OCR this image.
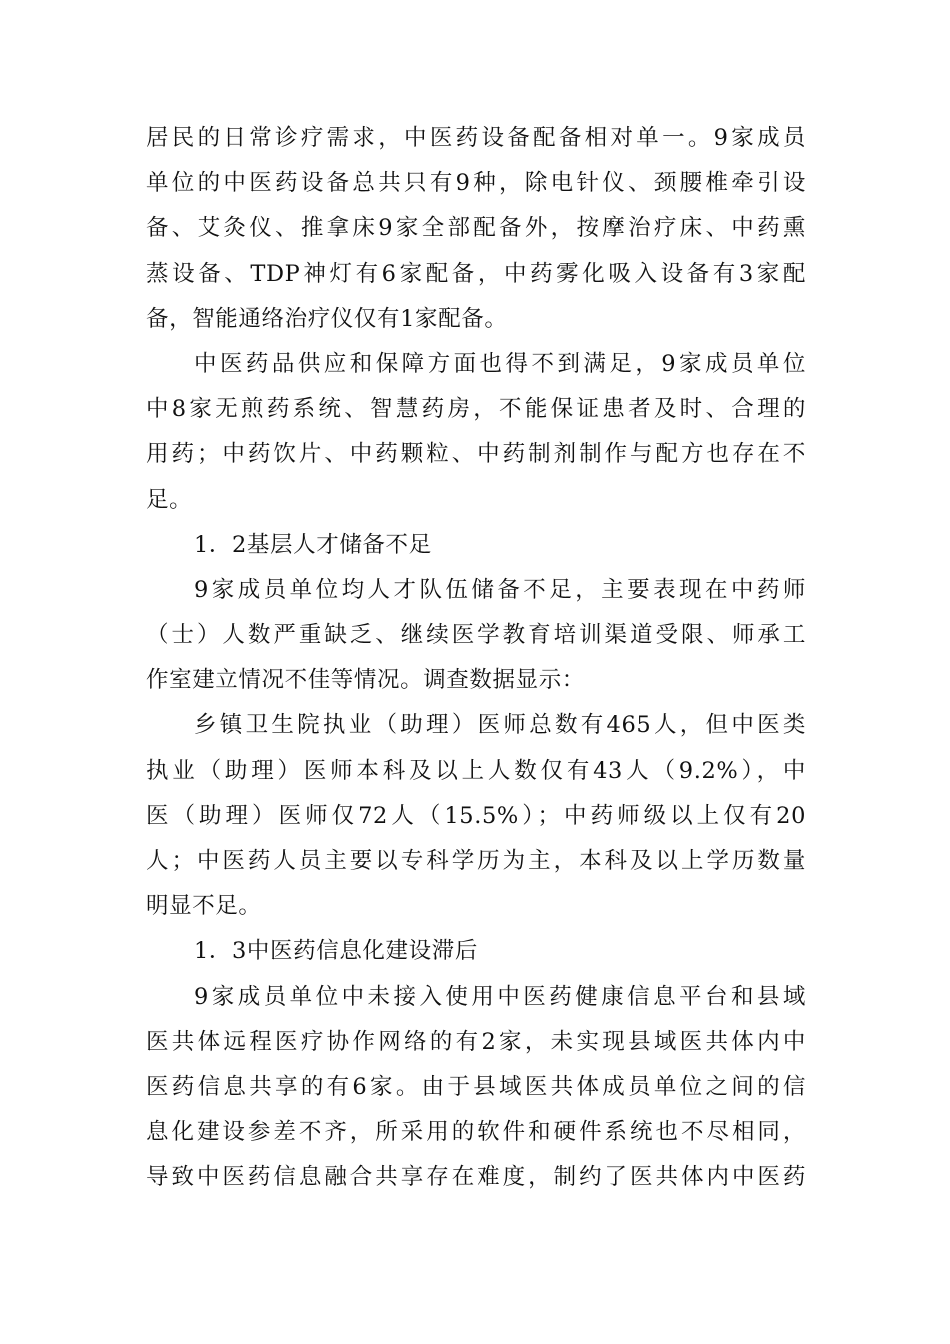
居民的日常诊疗需求，中医药设备配备相对单一。9家成员
单位的中医药设备总共只有9种，除电针仪、颈腰椎牵引设
备、艾灸仪、推拿床9家全部配备外，按摩治疗床、中药熏
蒸设备、TDP神灯有6家配备，中药雾化吸入设备有3家配
备，智能通络治疗仪仅有1家配备。
中医药品供应和保障方面也得不到满足，9家成员单位
中8家无煎药系统、智慧药房，不能保证患者及时、合理的
用药；中药饮片、中药颗粒、中药制剂制作与配方也存在不
足。
1．2基层人才储备不足
9家成员单位均人才队伍储备不足，主要表现在中药师
（士）人数严重缺乏、继续医学教育培训渠道受限、师承工
作室建立情况不佳等情况。调查数据显示：
乡镇卫生院执业（助理）医师总数有465人，但中医类
执业（助理）医师本科及以上人数仅有43人（9.2%），中
医（助理）医师仅72人（15.5%）；中药师级以上仅有20
人；中医药人员主要以专科学历为主，本科及以上学历数量
明显不足。
1．3中医药信息化建设滞后
9家成员单位中未接入使用中医药健康信息平台和县域
医共体远程医疗协作网络的有2家，未实现县域医共体内中
医药信息共享的有6家。由于县域医共体成员单位之间的信
息化建设参差不齐，所采用的软件和硬件系统也不尽相同，
导致中医药信息融合共享存在难度，制约了医共体内中医药
